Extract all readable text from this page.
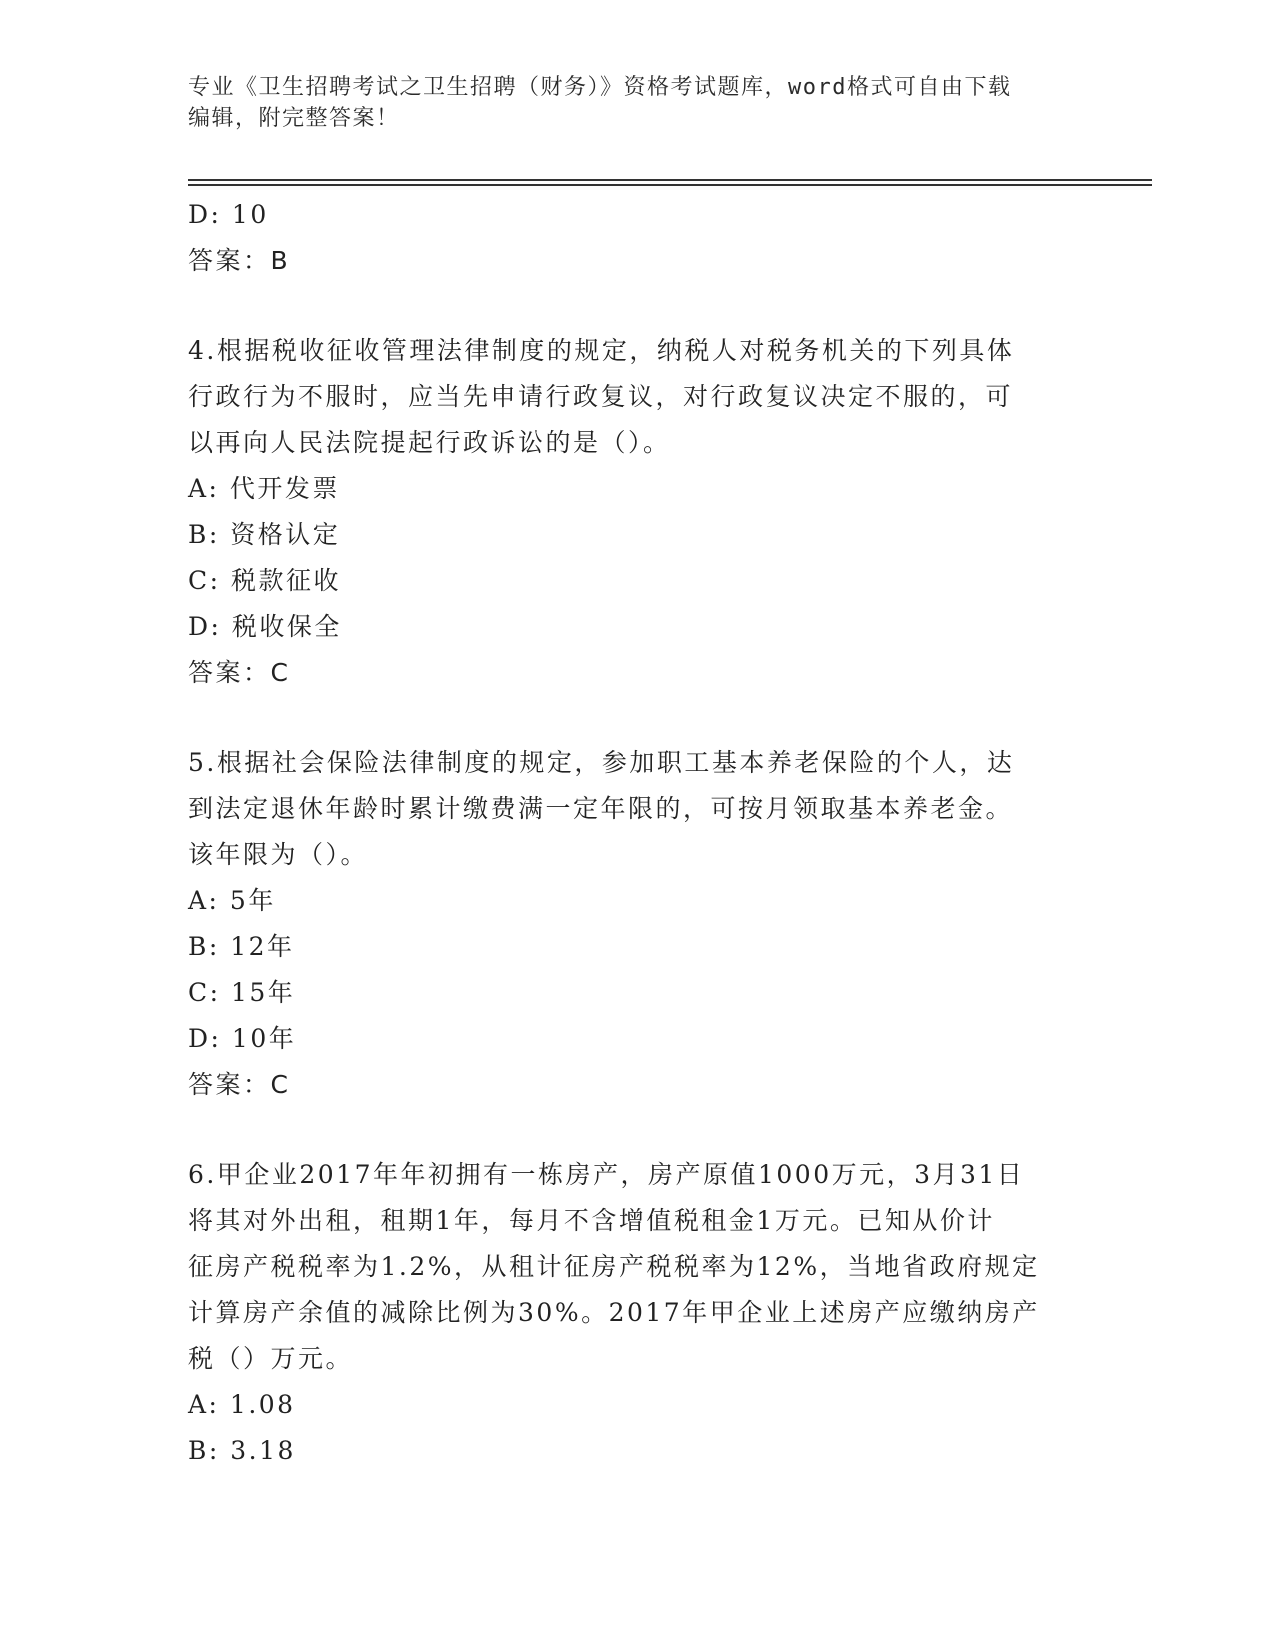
专业《卫生招聘考试之卫生招聘（财务）》资格考试题库，word格式可自由下载
编辑，附完整答案！
D: 10
答案：B
4.根据税收征收管理法律制度的规定，纳税人对税务机关的下列具体
行政行为不服时，应当先申请行政复议，对行政复议决定不服的，可
以再向人民法院提起行政诉讼的是（）。
A: 代开发票
B: 资格认定
C: 税款征收
D: 税收保全
答案：C
5.根据社会保险法律制度的规定，参加职工基本养老保险的个人，达
到法定退休年龄时累计缴费满一定年限的，可按月领取基本养老金。
该年限为（）。
A: 5年
B: 12年
C: 15年
D: 10年
答案：C
6.甲企业2017年年初拥有一栋房产，房产原值1000万元，3月31日
将其对外出租，租期1年，每月不含增值税租金1万元。已知从价计
征房产税税率为1.2%，从租计征房产税税率为12%，当地省政府规定
计算房产余值的减除比例为30%。2017年甲企业上述房产应缴纳房产
税（）万元。
A: 1.08
B: 3.18
